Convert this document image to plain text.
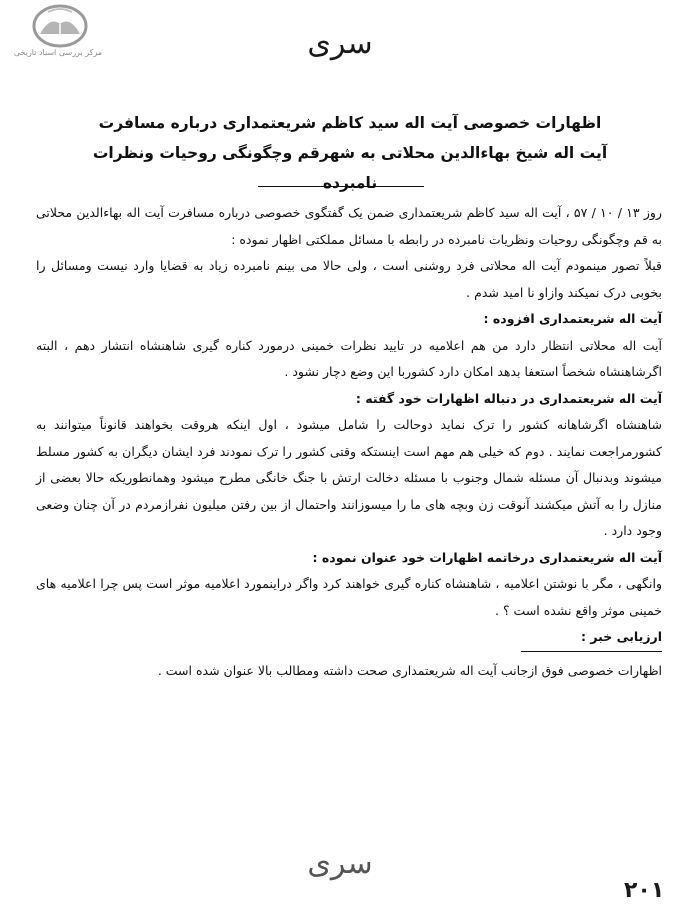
مرکز بررسی اسناد تاریخی	سری
اظهارات خصوصی آیت اله سید کاظم شریعتمداری درباره مسافرت
آیت اله شیخ بهاءالدین محلاتی به شهرقم وچگونگی روحیات ونظرات
نامبرده

روز ۱۳ / ۱۰ / ۵۷ ، آیت اله سید کاظم شریعتمداری ضمن یک گفتگوی خصوصی درباره مسافرت آیت اله بهاءالدین محلاتی به قم وچگونگی روحیات ونظریات نامبرده در رابطه با مسائل مملکتی اظهار نموده :

قبلاً تصور مینمودم آیت اله محلاتی فرد روشنی است ، ولی حالا می بینم نامبرده زیاد به قضایا وارد نیست ومسائل را بخوبی درک نمیکند وازاو نا امید شدم .

آیت اله شریعتمداری افزوده :

آیت اله محلاتی انتظار دارد من هم اعلامیه در تایید نظرات خمینی درمورد کناره گیری شاهنشاه انتشار دهم ، البته اگرشاهنشاه شخصاً استعفا بدهد امکان دارد کشوربا این وضع دچار نشود .

آیت اله شریعتمداری در دنباله اظهارات خود گفته :

شاهنشاه اگرشاهانه کشور را ترک نماید دوحالت را شامل میشود ، اول اینکه هروقت بخواهند قانوناً میتوانند به کشورمراجعت نمایند . دوم که خیلی هم مهم است اینستکه وقتی کشور را ترک نمودند فرد ایشان دیگران به کشور مسلط میشوند وبدنبال آن مسئله شمال وجنوب با مسئله دخالت ارتش با جنگ خانگی مطرح میشود وهمانطوریکه حالا بعضی از منازل را به آتش میکشند آنوقت زن وبچه های ما را میسوزانند واحتمال از بین رفتن میلیون نفرازمردم در آن چنان وضعی وجود دارد .

آیت اله شریعتمداری درخاتمه اظهارات خود عنوان نموده :

وانگهی ، مگر با نوشتن اعلامیه ، شاهنشاه کناره گیری خواهند کرد واگر دراینمورد اعلامیه موثر است پس چرا اعلامیه های خمینی موثر واقع نشده است ؟ .

ارزیابی خبر :

اظهارات خصوصی فوق ازجانب آیت اله شریعتمداری صحت داشته ومطالب بالا عنوان شده است .

سری
۲۰۱
